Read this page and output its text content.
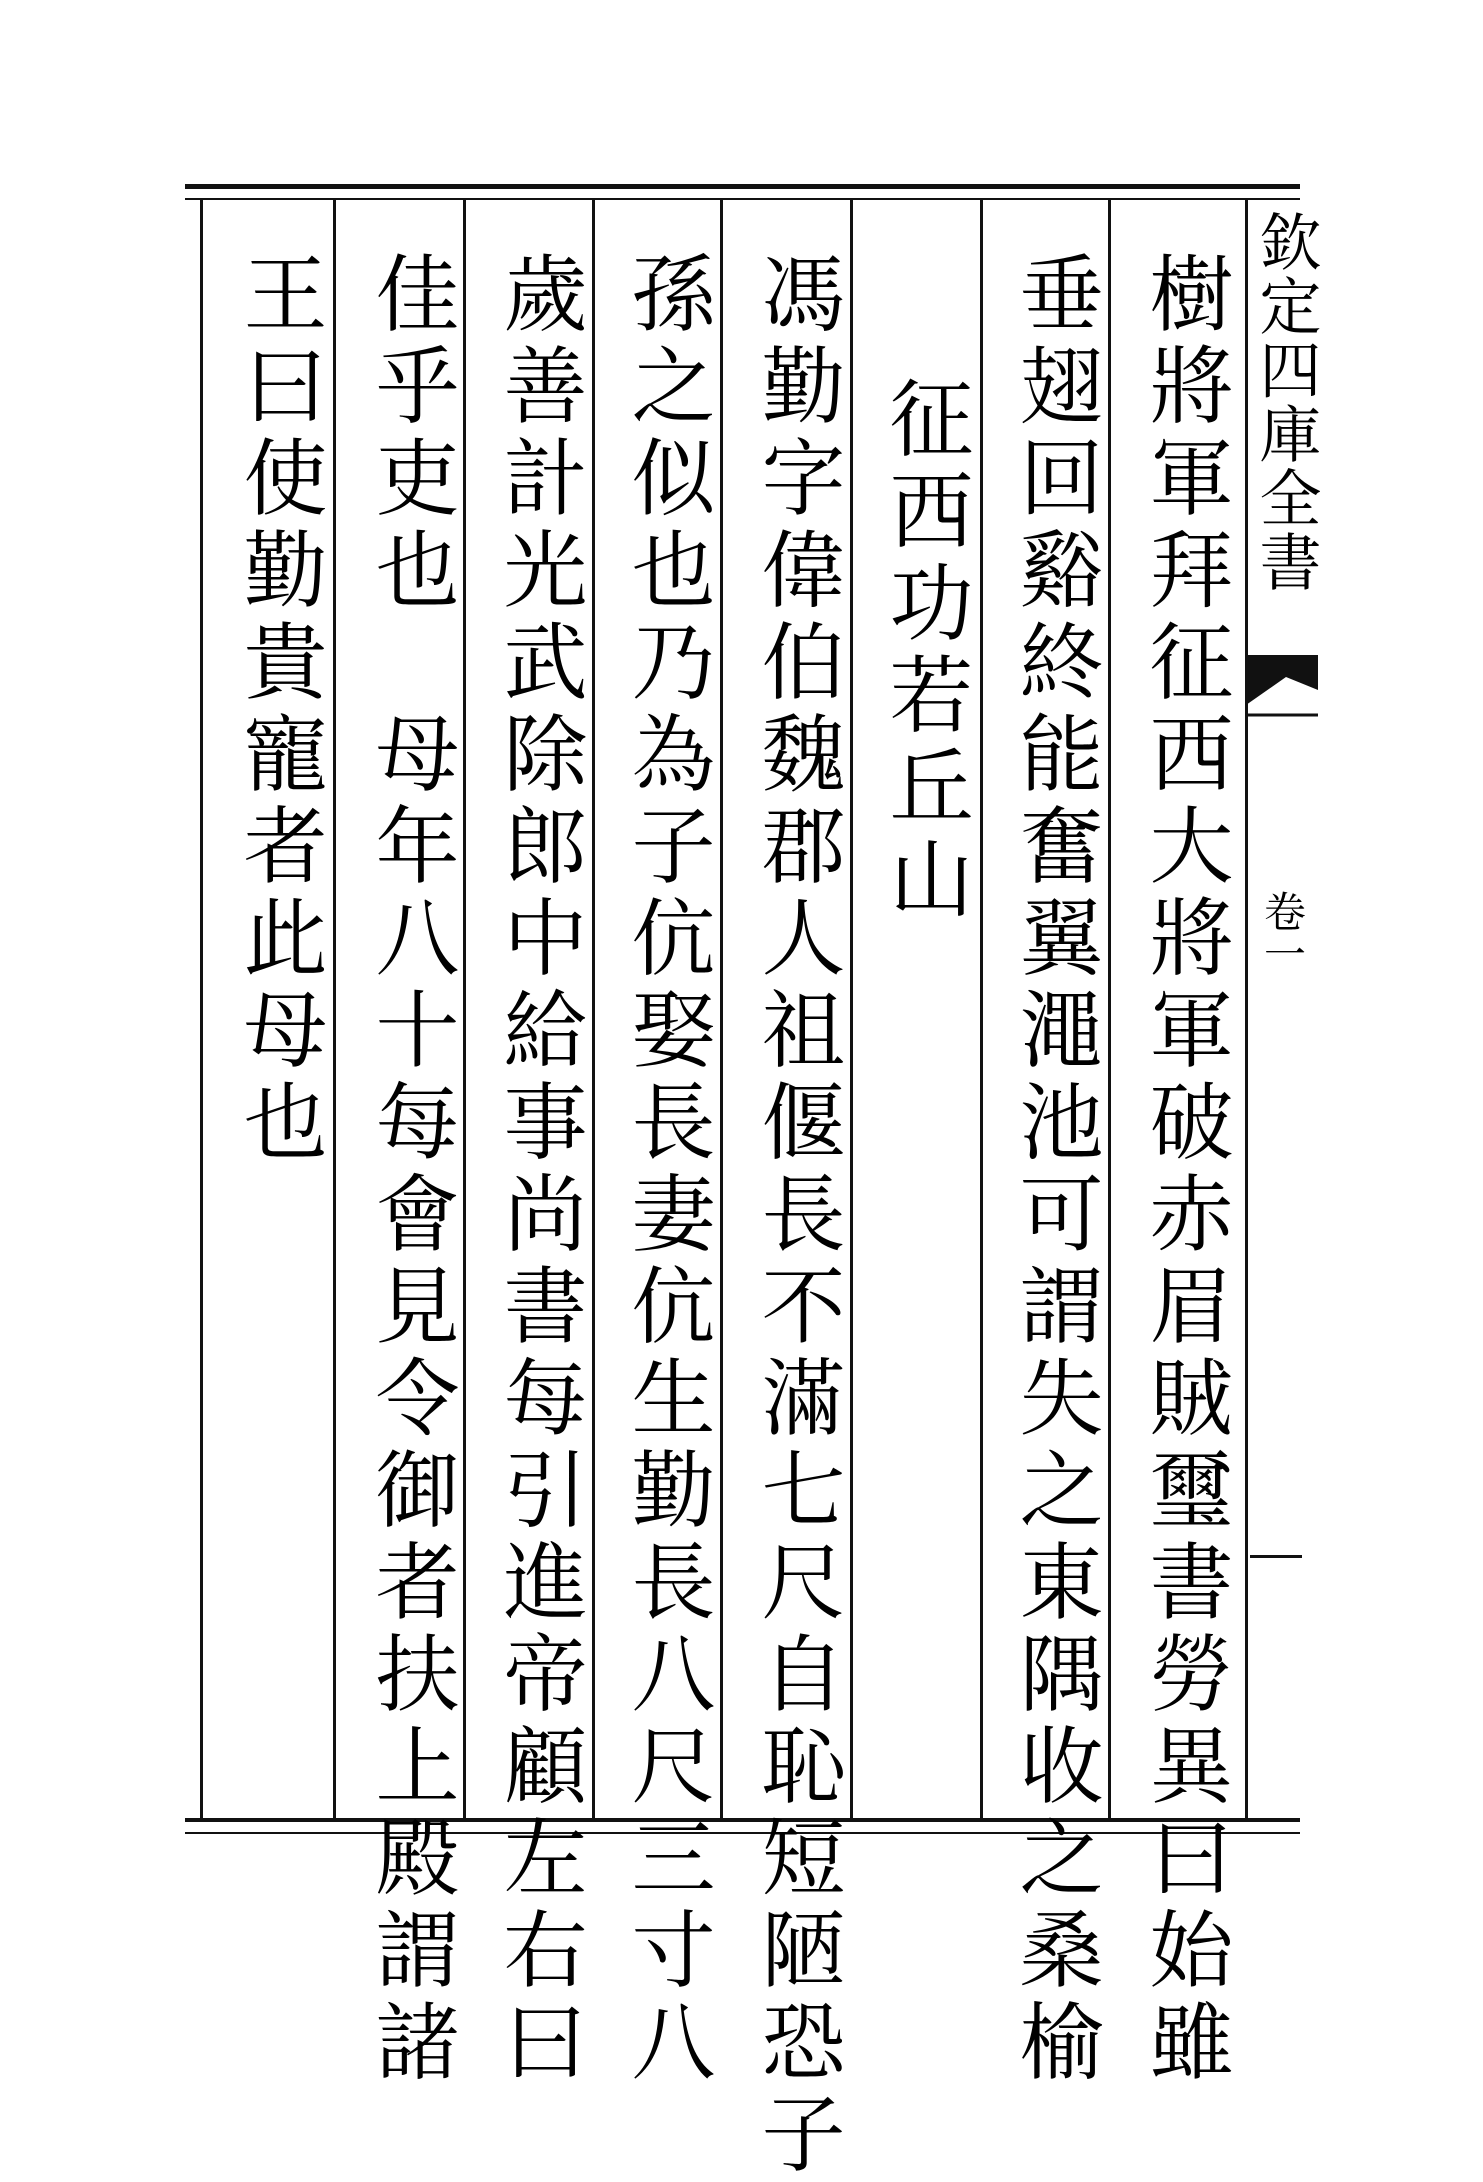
樹將軍拜征西大將軍破赤眉賊璽書勞異曰始雖
垂翅回谿終能奮翼澠池可謂失之東隅收之桑榆
征西功若丘山
馮勤字偉伯魏郡人祖偃長不滿七尺自恥短陋恐子
孫之似也乃為子伉娶長妻伉生勤長八尺三寸八
歲善計光武除郎中給事尚書每引進帝顧左右曰
佳乎吏也　母年八十每會見令御者扶上殿謂諸
王曰使勤貴寵者此母也	欽定四庫全書
卷一
